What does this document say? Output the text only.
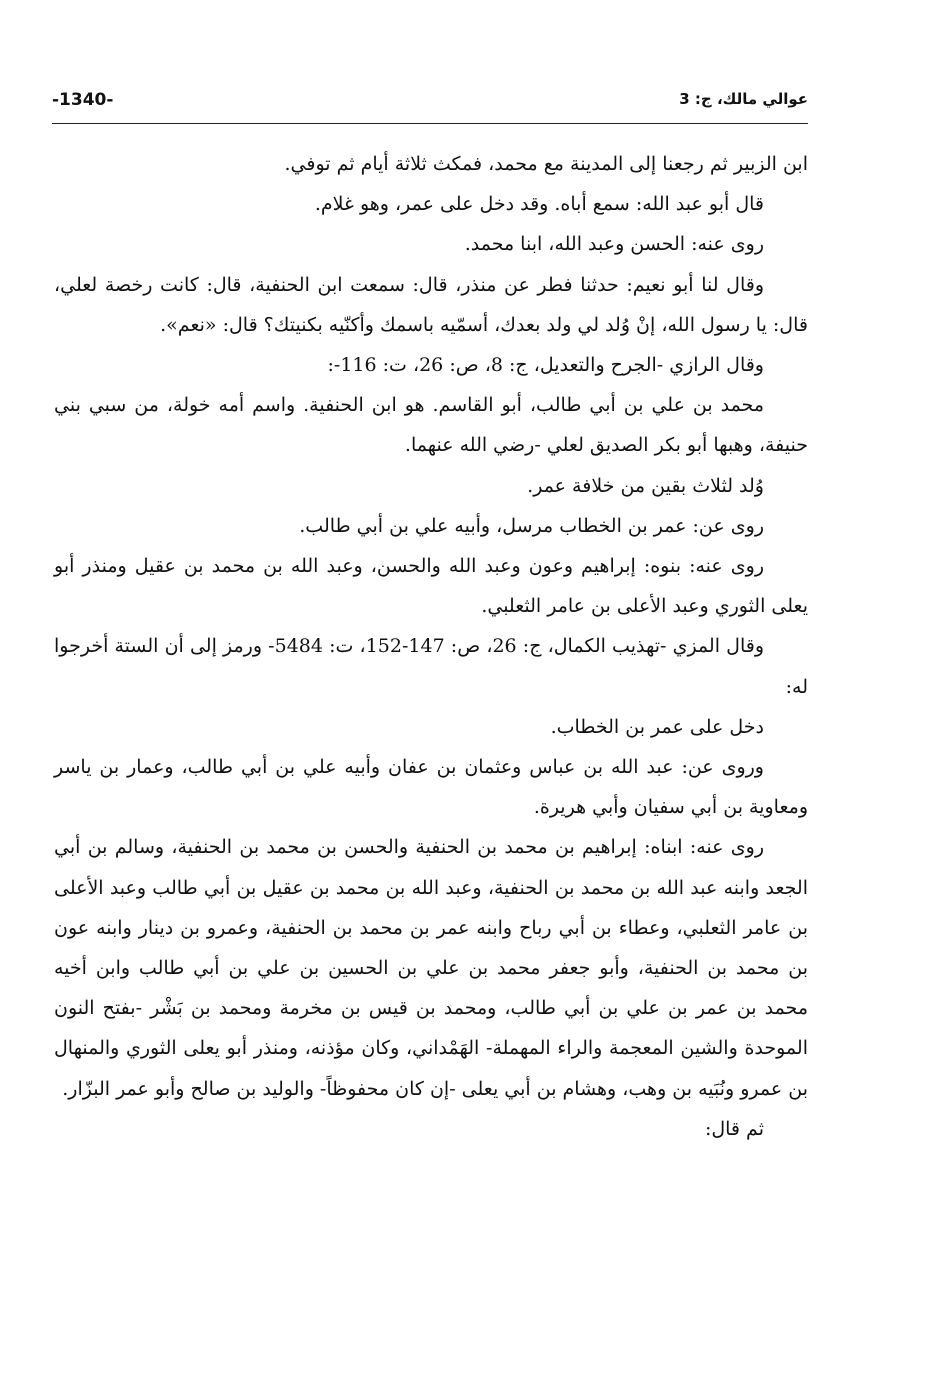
-1340-	عوالي مالك، ج: 3

ابن الزبير ثم رجعنا إلى المدينة مع محمد، فمكث ثلاثة أيام ثم توفي.

قال أبو عبد الله: سمع أباه. وقد دخل على عمر، وهو غلام.

روى عنه: الحسن وعبد الله، ابنا محمد.

وقال لنا أبو نعيم: حدثنا فطر عن منذر، قال: سمعت ابن الحنفية، قال: كانت رخصة لعلي، قال: يا رسول الله، إنْ وُلد لي ولد بعدك، أسمّيه باسمك وأكنّيه بكنيتك؟ قال: «نعم».

وقال الرازي -الجرح والتعديل، ج: 8، ص: 26، ت: 116-:

محمد بن علي بن أبي طالب، أبو القاسم. هو ابن الحنفية. واسم أمه خولة، من سبي بني حنيفة، وهبها أبو بكر الصديق لعلي -رضي الله عنهما.

وُلد لثلاث بقين من خلافة عمر.

روى عن: عمر بن الخطاب مرسل، وأبيه علي بن أبي طالب.

روى عنه: بنوه: إبراهيم وعون وعبد الله والحسن، وعبد الله بن محمد بن عقيل ومنذر أبو يعلى الثوري وعبد الأعلى بن عامر الثعلبي.

وقال المزي -تهذيب الكمال، ج: 26، ص: 147-152، ت: 5484- ورمز إلى أن الستة أخرجوا له:

دخل على عمر بن الخطاب.

وروى عن: عبد الله بن عباس وعثمان بن عفان وأبيه علي بن أبي طالب، وعمار بن ياسر ومعاوية بن أبي سفيان وأبي هريرة.

روى عنه: ابناه: إبراهيم بن محمد بن الحنفية والحسن بن محمد بن الحنفية، وسالم بن أبي الجعد وابنه عبد الله بن محمد بن الحنفية، وعبد الله بن محمد بن عقيل بن أبي طالب وعبد الأعلى بن عامر الثعلبي، وعطاء بن أبي رباح وابنه عمر بن محمد بن الحنفية، وعمرو بن دينار وابنه عون بن محمد بن الحنفية، وأبو جعفر محمد بن علي بن الحسين بن علي بن أبي طالب وابن أخيه محمد بن عمر بن علي بن أبي طالب، ومحمد بن قيس بن مخرمة ومحمد بن بَشْر -بفتح النون الموحدة والشين المعجمة والراء المهملة- الهَمْداني، وكان مؤذنه، ومنذر أبو يعلى الثوري والمنهال بن عمرو ونُبَيه بن وهب، وهشام بن أبي يعلى -إن كان محفوظاً- والوليد بن صالح وأبو عمر البزّار.

ثم قال:
